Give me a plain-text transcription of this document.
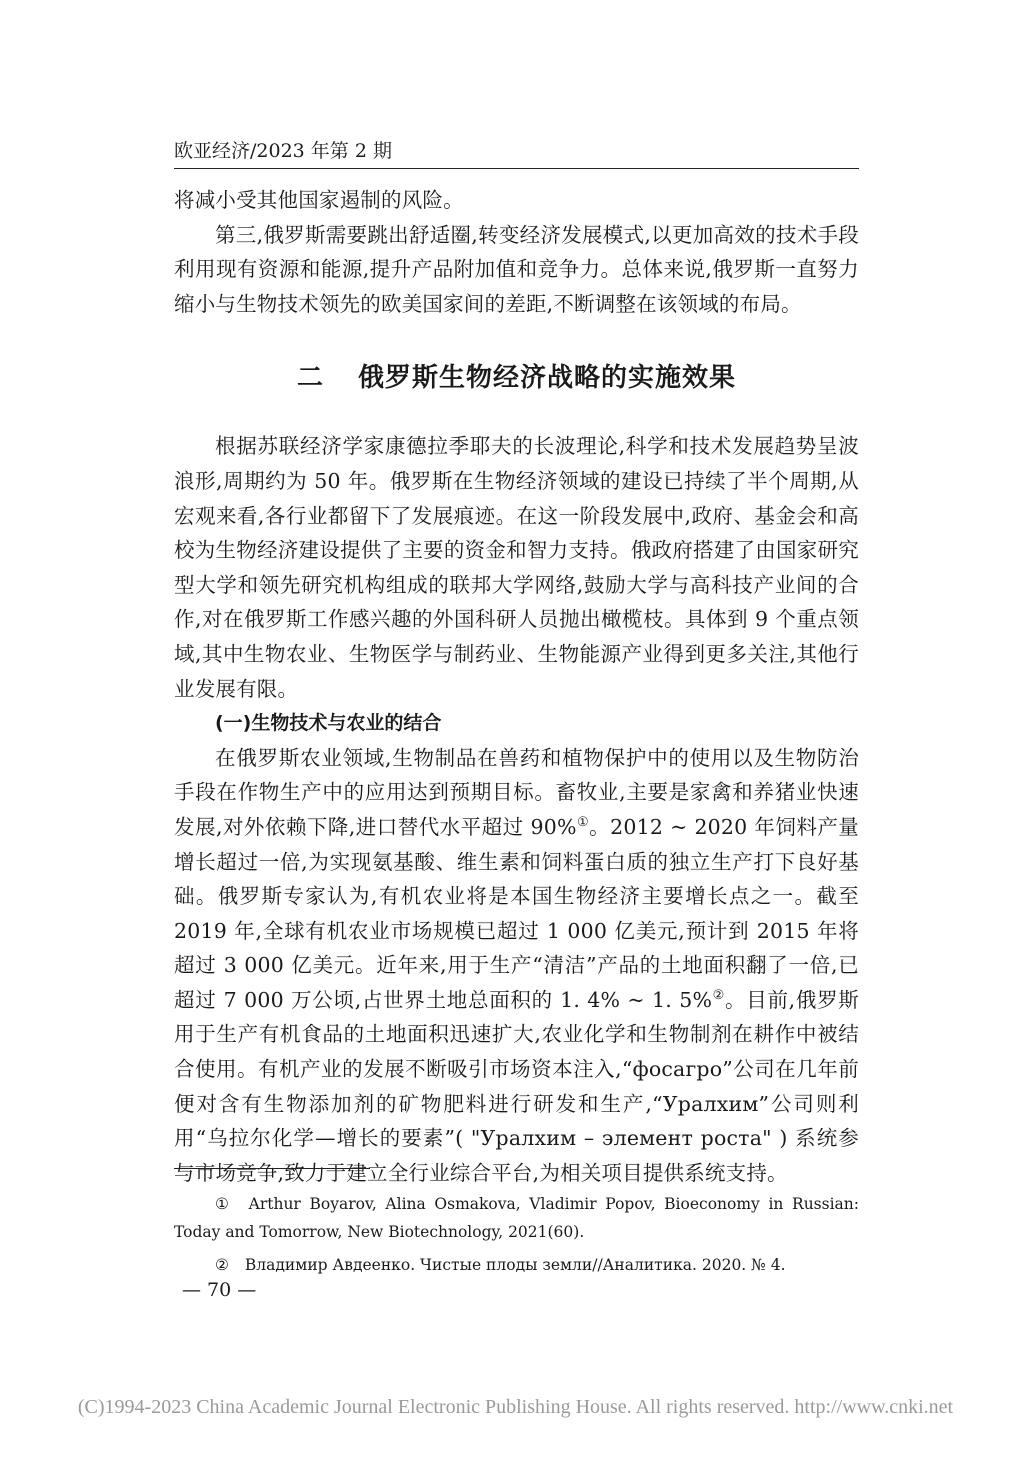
欧亚经济/2023 年第 2 期

将减小受其他国家遏制的风险。

第三,俄罗斯需要跳出舒适圈,转变经济发展模式,以更加高效的技术手段利用现有资源和能源,提升产品附加值和竞争力。总体来说,俄罗斯一直努力缩小与生物技术领先的欧美国家间的差距,不断调整在该领域的布局。

二 俄罗斯生物经济战略的实施效果

根据苏联经济学家康德拉季耶夫的长波理论,科学和技术发展趋势呈波浪形,周期约为 50 年。俄罗斯在生物经济领域的建设已持续了半个周期,从宏观来看,各行业都留下了发展痕迹。在这一阶段发展中,政府、基金会和高校为生物经济建设提供了主要的资金和智力支持。俄政府搭建了由国家研究型大学和领先研究机构组成的联邦大学网络,鼓励大学与高科技产业间的合作,对在俄罗斯工作感兴趣的外国科研人员抛出橄榄枝。具体到 9 个重点领域,其中生物农业、生物医学与制药业、生物能源产业得到更多关注,其他行业发展有限。

(一)生物技术与农业的结合

在俄罗斯农业领域,生物制品在兽药和植物保护中的使用以及生物防治手段在作物生产中的应用达到预期目标。畜牧业,主要是家禽和养猪业快速发展,对外依赖下降,进口替代水平超过 90%①。2012 ~ 2020 年饲料产量增长超过一倍,为实现氨基酸、维生素和饲料蛋白质的独立生产打下良好基础。俄罗斯专家认为,有机农业将是本国生物经济主要增长点之一。截至 2019 年,全球有机农业市场规模已超过 1 000 亿美元,预计到 2015 年将超过 3 000 亿美元。近年来,用于生产“清洁”产品的土地面积翻了一倍,已超过 7 000 万公顷,占世界土地总面积的 1. 4% ~ 1. 5%②。目前,俄罗斯用于生产有机食品的土地面积迅速扩大,农业化学和生物制剂在耕作中被结合使用。有机产业的发展不断吸引市场资本注入,“фосагро”公司在几年前便对含有生物添加剂的矿物肥料进行研发和生产,“Уралхим”公司则利用“乌拉尔化学—增长的要素”( "Уралхим – элемент роста" ) 系统参与市场竞争,致力于建立全行业综合平台,为相关项目提供系统支持。

① Arthur Boyarov, Alina Osmakova, Vladimir Popov, Bioeconomy in Russian: Today and Tomorrow, New Biotechnology, 2021(60).

② Владимир Авдеенко. Чистые плоды земли//Аналитика. 2020. № 4.

— 70 —
(C)1994-2023 China Academic Journal Electronic Publishing House. All rights reserved. http://www.cnki.net
